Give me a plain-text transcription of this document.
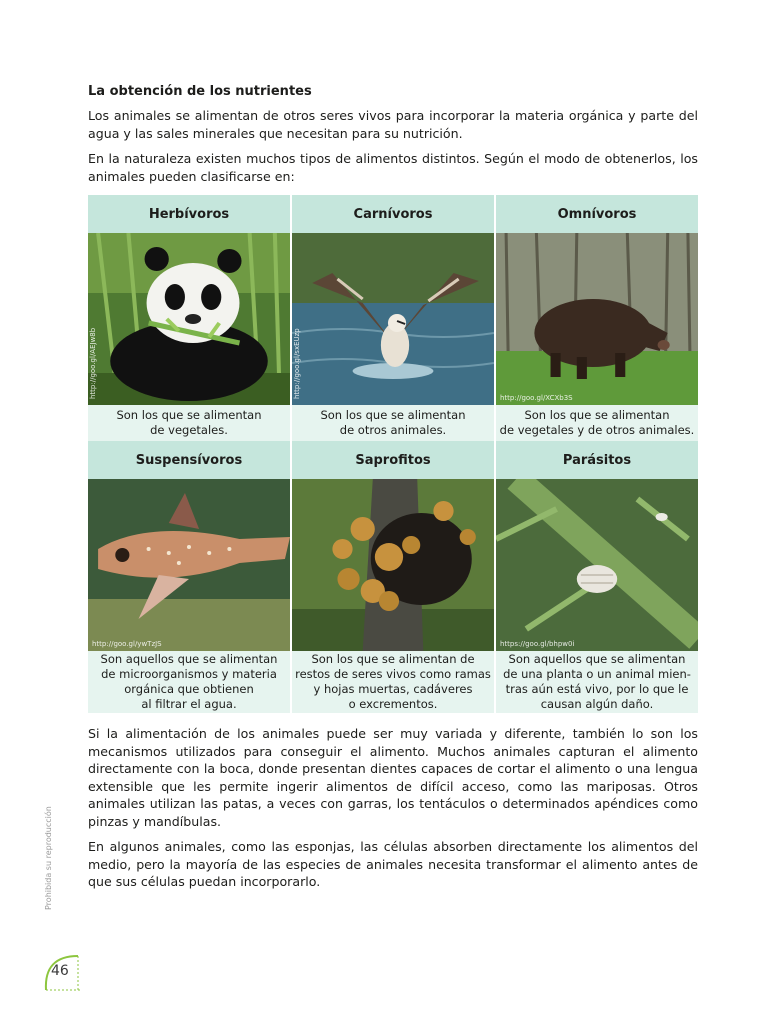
La obtención de los nutrientes

Los animales se alimentan de otros seres vivos para incorporar la materia orgánica y parte del agua y las sales minerales que necesitan para su nutrición.

En la naturaleza existen muchos tipos de alimentos distintos. Según el modo de obtenerlos, los animales pueden clasificarse en:

Herbívoros	Carnívoros	Omnívoros

http://goo.gl/AEJw8b	http://goo.gl/sxEUzp	http://goo.gl/XCXb3S

Son los que se alimentan
de vegetales.	Son los que se alimentan
de otros animales.	Son los que se alimentan
de vegetales y de otros animales.
Suspensívoros	Saprofitos	Parásitos

http://goo.gl/ywTzJS		https://goo.gl/bhpw0i

Son aquellos que se alimentan
de microorganismos y materia
orgánica que obtienen
al filtrar el agua.	Son los que se alimentan de
restos de seres vivos como ramas
y hojas muertas, cadáveres
o excrementos.	Son aquellos que se alimentan
de una planta o un animal mien-
tras aún está vivo, por lo que le
causan algún daño.

Si la alimentación de los animales puede ser muy variada y diferente, también lo son los mecanismos utilizados para conseguir el alimento. Muchos animales capturan el alimento directamente con la boca, donde presentan dientes capaces de cortar el alimento o una lengua extensible que les permite ingerir alimentos de difícil acceso, como las mariposas. Otros animales utilizan las patas, a veces con garras, los tentáculos o determinados apéndices como pinzas y mandíbulas.

En algunos animales, como las esponjas, las células absorben directamente los alimentos del medio, pero la mayoría de las especies de animales necesita transformar el alimento antes de que sus células puedan incorporarlo.

Prohibida su reproducción
46
